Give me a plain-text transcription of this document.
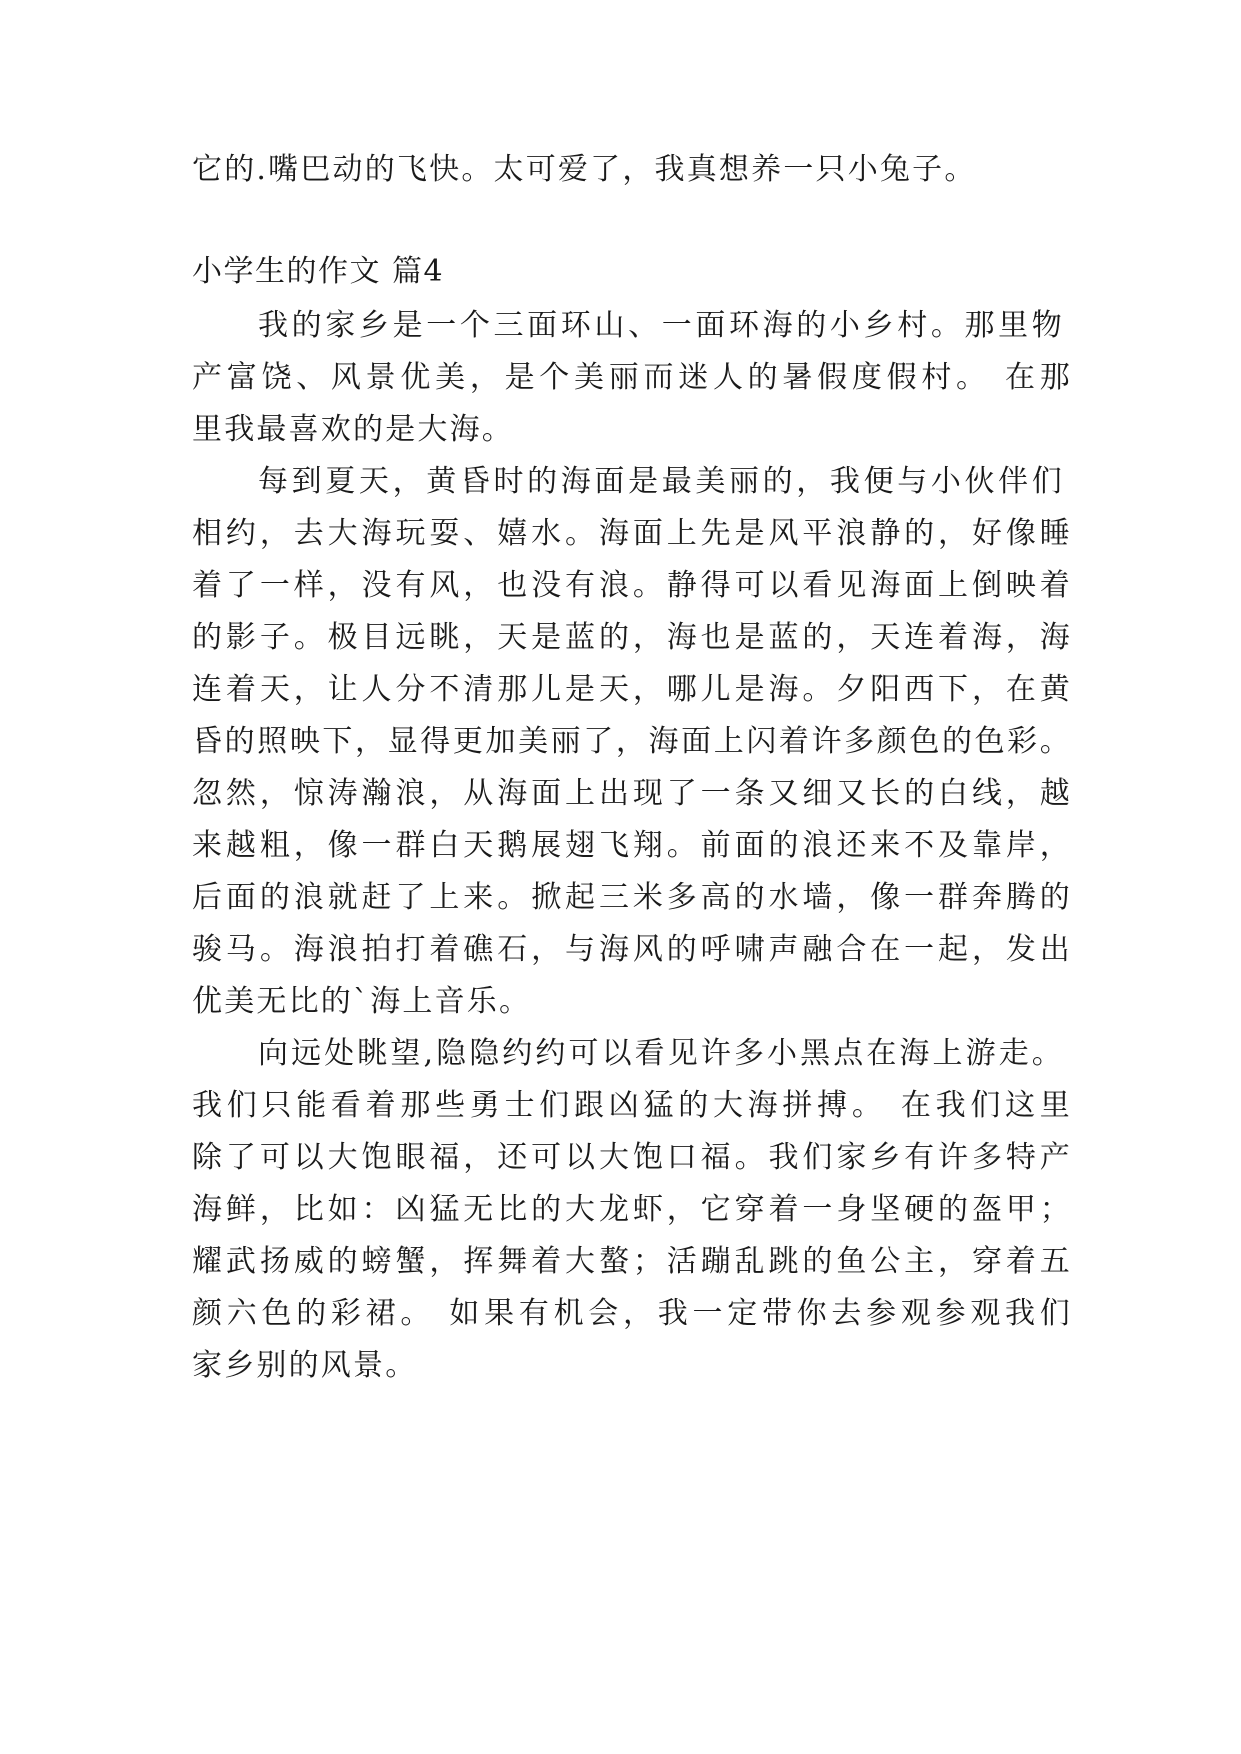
它的.嘴巴动的飞快。太可爱了，我真想养一只小兔子。
小学生的作文 篇4
我的家乡是一个三面环山、一面环海的小乡村。那里物
产富饶、风景优美，是个美丽而迷人的暑假度假村。 在那
里我最喜欢的是大海。
每到夏天，黄昏时的海面是最美丽的，我便与小伙伴们
相约，去大海玩耍、嬉水。海面上先是风平浪静的，好像睡
着了一样，没有风，也没有浪。静得可以看见海面上倒映着
的影子。极目远眺，天是蓝的，海也是蓝的，天连着海，海
连着天，让人分不清那儿是天，哪儿是海。夕阳西下，在黄
昏的照映下，显得更加美丽了，海面上闪着许多颜色的色彩。
忽然，惊涛瀚浪，从海面上出现了一条又细又长的白线，越
来越粗，像一群白天鹅展翅飞翔。前面的浪还来不及靠岸，
后面的浪就赶了上来。掀起三米多高的水墙，像一群奔腾的
骏马。海浪拍打着礁石，与海风的呼啸声融合在一起，发出
优美无比的`海上音乐。
向远处眺望,隐隐约约可以看见许多小黑点在海上游走。
我们只能看着那些勇士们跟凶猛的大海拼搏。 在我们这里
除了可以大饱眼福，还可以大饱口福。我们家乡有许多特产
海鲜，比如：凶猛无比的大龙虾，它穿着一身坚硬的盔甲；
耀武扬威的螃蟹，挥舞着大螯；活蹦乱跳的鱼公主，穿着五
颜六色的彩裙。 如果有机会，我一定带你去参观参观我们
家乡别的风景。
